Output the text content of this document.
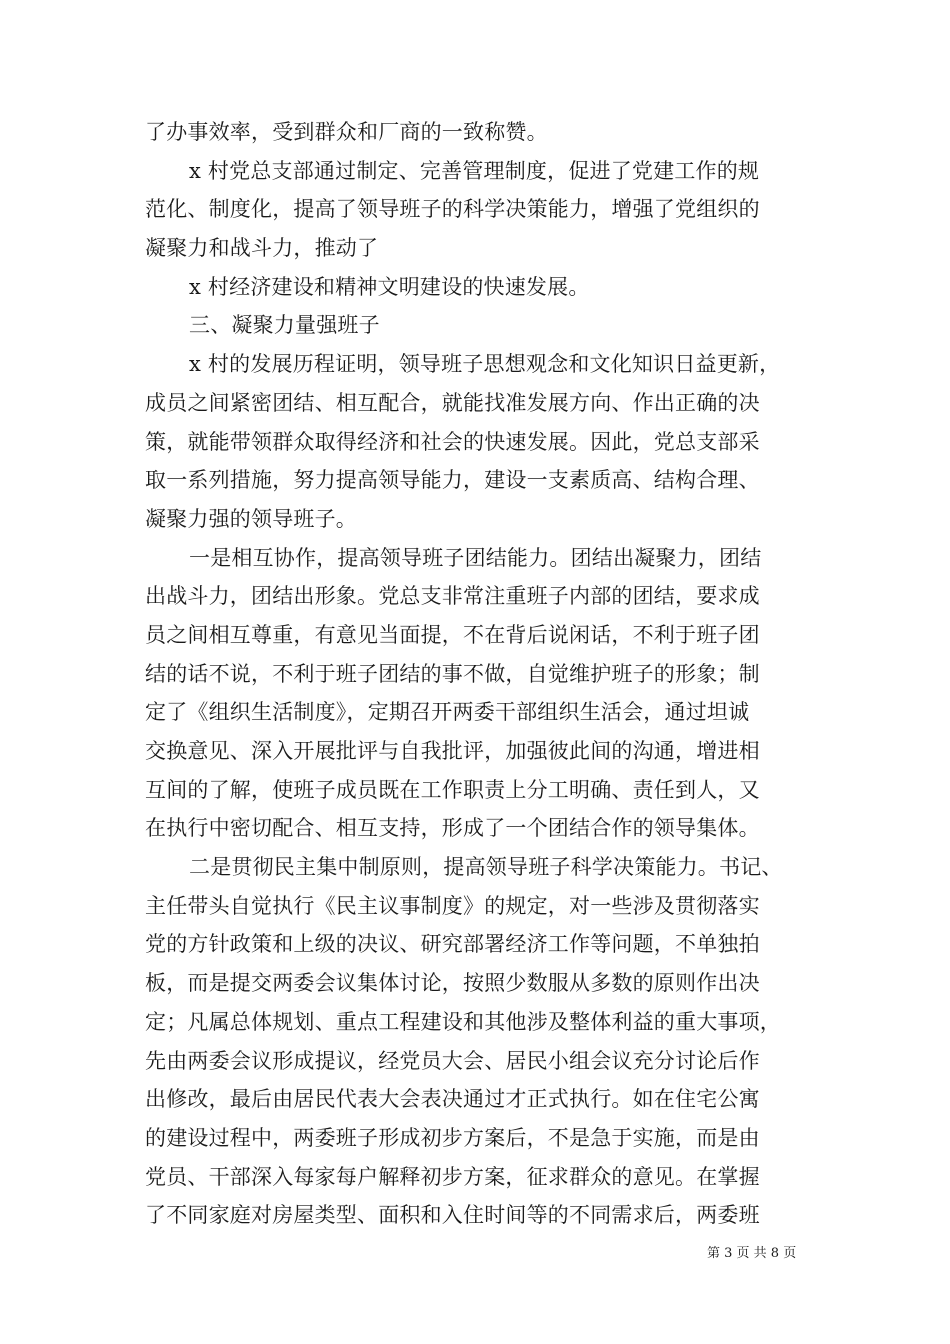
了办事效率，受到群众和厂商的一致称赞。
x 村党总支部通过制定、完善管理制度，促进了党建工作的规
范化、制度化，提高了领导班子的科学决策能力，增强了党组织的
凝聚力和战斗力，推动了
x 村经济建设和精神文明建设的快速发展。
三、凝聚力量强班子
x 村的发展历程证明，领导班子思想观念和文化知识日益更新，
成员之间紧密团结、相互配合，就能找准发展方向、作出正确的决
策，就能带领群众取得经济和社会的快速发展。因此，党总支部采
取一系列措施，努力提高领导能力，建设一支素质高、结构合理、
凝聚力强的领导班子。
一是相互协作，提高领导班子团结能力。团结出凝聚力，团结
出战斗力，团结出形象。党总支非常注重班子内部的团结，要求成
员之间相互尊重，有意见当面提，不在背后说闲话，不利于班子团
结的话不说，不利于班子团结的事不做，自觉维护班子的形象；制
定了《组织生活制度》，定期召开两委干部组织生活会，通过坦诚
交换意见、深入开展批评与自我批评，加强彼此间的沟通，增进相
互间的了解，使班子成员既在工作职责上分工明确、责任到人，又
在执行中密切配合、相互支持，形成了一个团结合作的领导集体。
二是贯彻民主集中制原则，提高领导班子科学决策能力。书记、
主任带头自觉执行《民主议事制度》的规定，对一些涉及贯彻落实
党的方针政策和上级的决议、研究部署经济工作等问题，不单独拍
板，而是提交两委会议集体讨论，按照少数服从多数的原则作出决
定；凡属总体规划、重点工程建设和其他涉及整体利益的重大事项，
先由两委会议形成提议，经党员大会、居民小组会议充分讨论后作
出修改，最后由居民代表大会表决通过才正式执行。如在住宅公寓
的建设过程中，两委班子形成初步方案后，不是急于实施，而是由
党员、干部深入每家每户解释初步方案，征求群众的意见。在掌握
了不同家庭对房屋类型、面积和入住时间等的不同需求后，两委班
第 3 页 共 8 页
